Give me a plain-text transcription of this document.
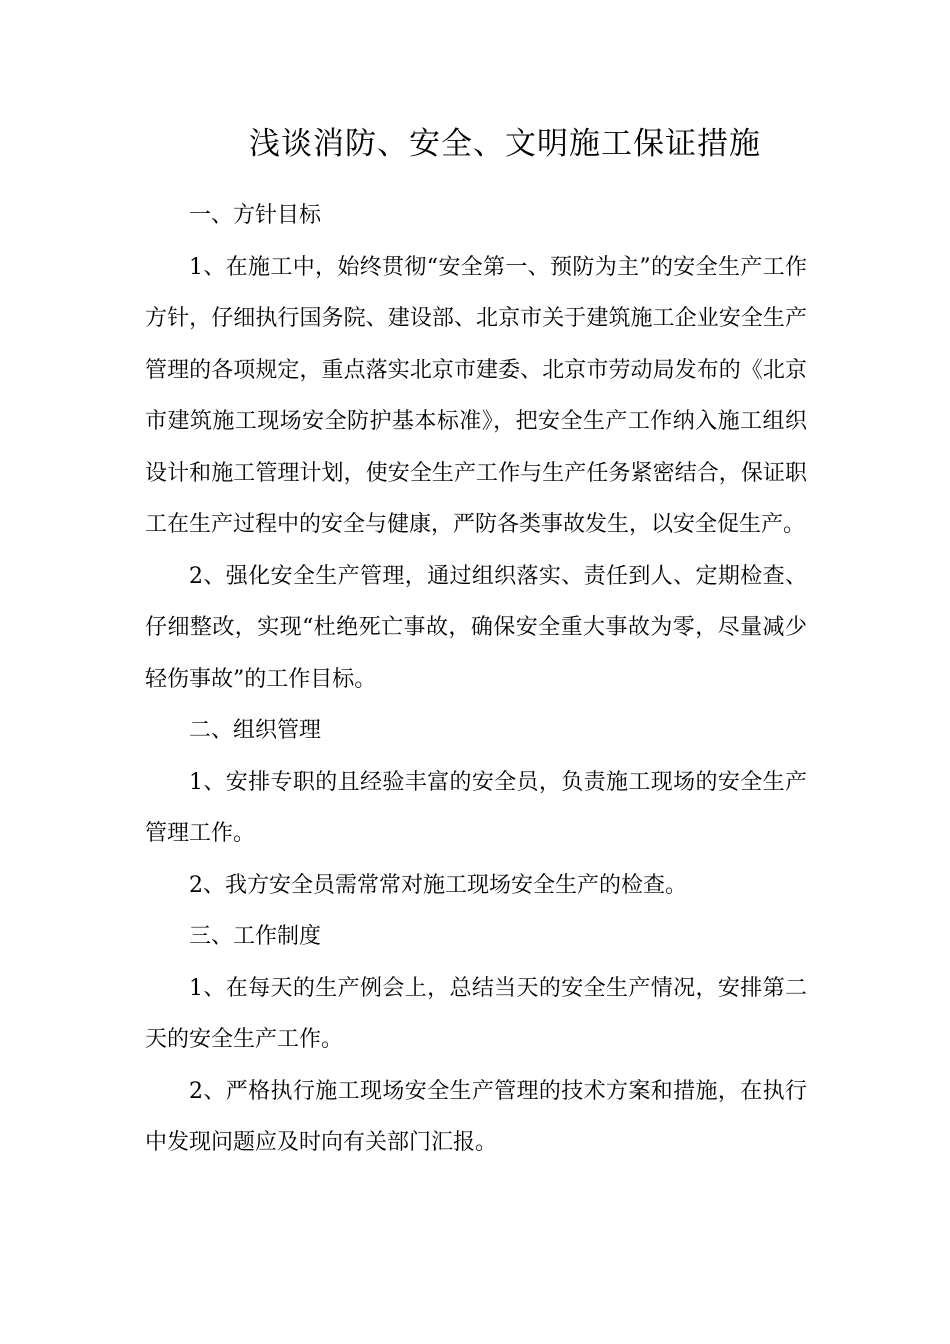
浅谈消防、安全、文明施工保证措施

一、方针目标

1、在施工中，始终贯彻“安全第一、预防为主”的安全生产工作方针，仔细执行国务院、建设部、北京市关于建筑施工企业安全生产管理的各项规定，重点落实北京市建委、北京市劳动局发布的《北京市建筑施工现场安全防护基本标准》，把安全生产工作纳入施工组织设计和施工管理计划，使安全生产工作与生产任务紧密结合，保证职工在生产过程中的安全与健康，严防各类事故发生，以安全促生产。

2、强化安全生产管理，通过组织落实、责任到人、定期检查、仔细整改，实现“杜绝死亡事故，确保安全重大事故为零，尽量减少轻伤事故”的工作目标。

二、组织管理

1、安排专职的且经验丰富的安全员，负责施工现场的安全生产管理工作。

2、我方安全员需常常对施工现场安全生产的检查。

三、工作制度

1、在每天的生产例会上，总结当天的安全生产情况，安排第二天的安全生产工作。

2、严格执行施工现场安全生产管理的技术方案和措施，在执行中发现问题应及时向有关部门汇报。
